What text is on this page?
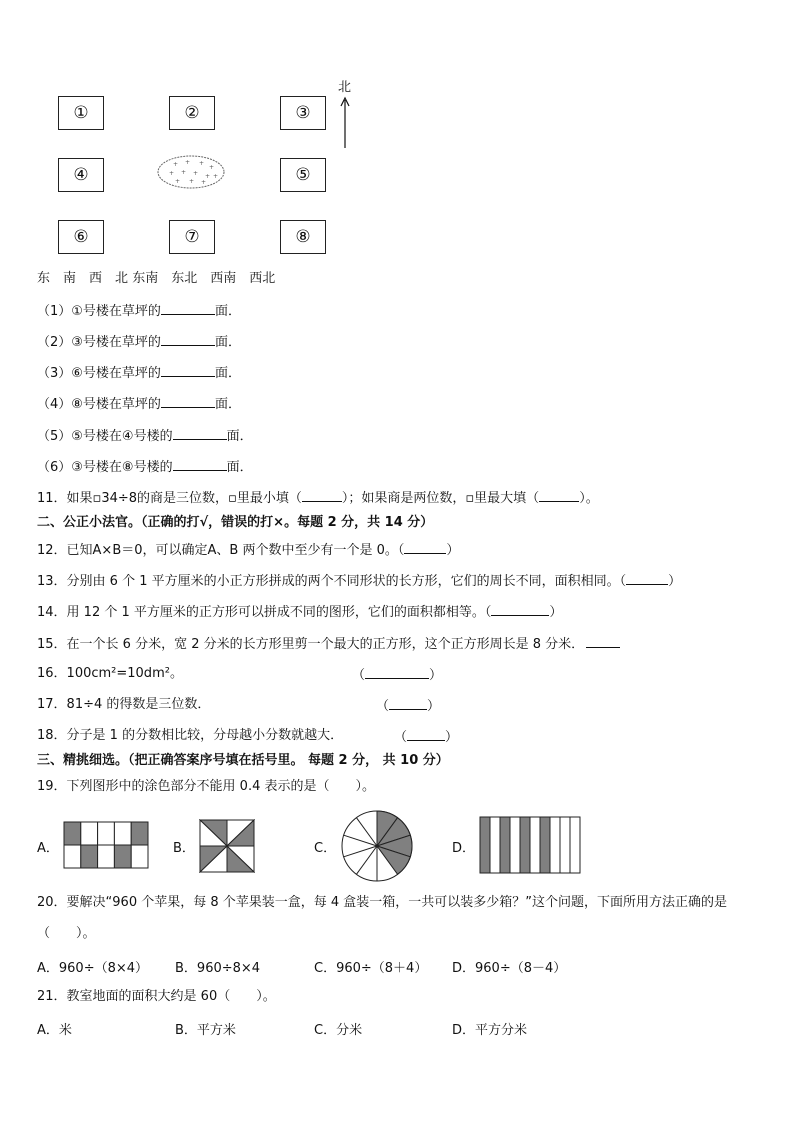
①	②	③
④	⑤
⑥	⑦	⑧
+ + +
+
+ + + +
+ + +
+
北
东  南  西  北 东南  东北  西南  西北
（1）①号楼在草坪的	面．
（2）③号楼在草坪的	面．
（3）⑥号楼在草坪的	面．
（4）⑧号楼在草坪的	面．
（5）⑤号楼在④号楼的	面．
（6）③号楼在⑧号楼的	面．
11．如果▫34÷8的商是三位数，▫里最小填（	）；如果商是两位数，▫里最大填（	）。
二、公正小法官。（正确的打√，错误的打×。每题 2 分，共 14 分）
12．已知A×B＝0，可以确定A、B 两个数中至少有一个是 0。（	）
13．分别由 6 个 1 平方厘米的小正方形拼成的两个不同形状的长方形，它们的周长不同，面积相同。（	）
14．用 12 个 1 平方厘米的正方形可以拼成不同的图形，它们的面积都相等。（	）
15．在一个长 6 分米，宽 2 分米的长方形里剪一个最大的正方形，这个正方形周长是 8 分米．
16．100cm²=10dm²。	（	）
17．81÷4 的得数是三位数．	（	）
18．分子是 1 的分数相比较，分母越小分数就越大．	（	）
三、精挑细选。（把正确答案序号填在括号里。 每题 2 分， 共 10 分）
19．下列图形中的涂色部分不能用 0.4 表示的是（　　）。
A．	B．	C．	D．
20．要解决“960 个苹果，每 8 个苹果装一盒，每 4 盒装一箱，一共可以装多少箱？”这个问题，下面所用方法正确的是
（　　）。
A．960÷（8×4） B．960÷8×4	C．960÷（8＋4） D．960÷（8－4）
21．教室地面的面积大约是 60（　　）。
A．米	B．平方米	C．分米	D．平方分米
